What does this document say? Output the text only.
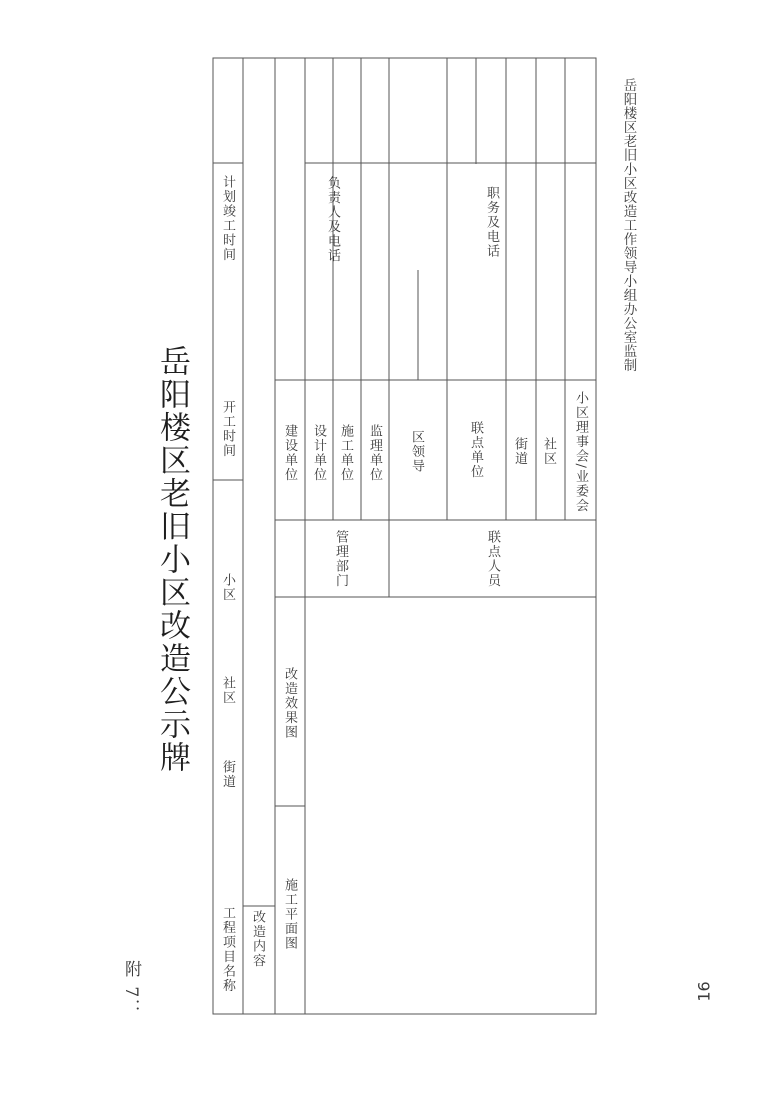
附 7：
岳阳楼区老旧小区改造公示牌
岳阳楼区老旧小区改造工作领导小组办公室监制
16
工程项目名称
街道
社区
小区
开工时间
计划竣工时间
改造内容 施工平面图
改造效果图
建设单位
管理部门
设计单位 施工单位 监理单位
负责人及电话
联点人员
区领导	联点单位 街道 社区 小区理事会/业委会
职务及电话
